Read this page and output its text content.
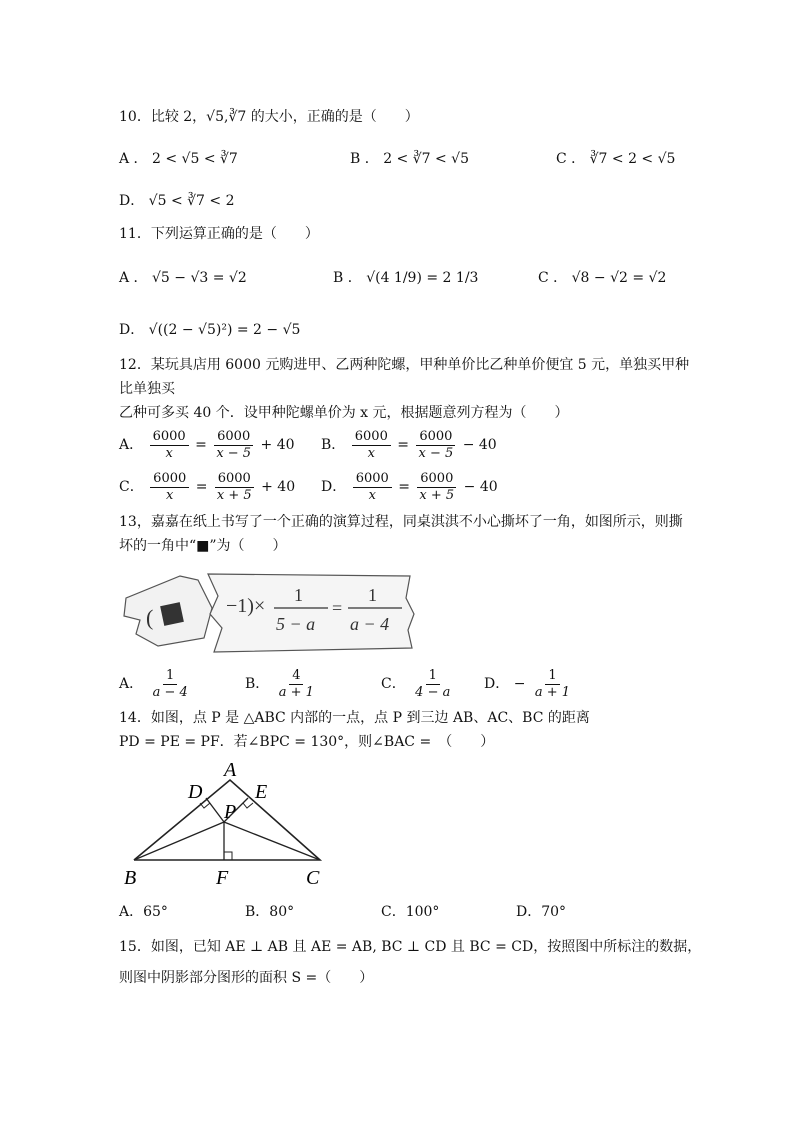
10．比较 2，√5,∛7 的大小，正确的是（　　）
A ． 2 < √5 < ∛7	B ． 2 < ∛7 < √5	C ． ∛7 < 2 < √5
D． √5 < ∛7 < 2
11．下列运算正确的是（　　）
A ． √5 − √3 = √2	B ． √(4 1/9) = 2 1/3	C ． √8 − √2 = √2
D． √((2 − √5)²) = 2 − √5
12．某玩具店用 6000 元购进甲、乙两种陀螺，甲种单价比乙种单价便宜 5 元，单独买甲种
比单独买
乙种可多买 40 个．设甲种陀螺单价为 x 元，根据题意列方程为（　　）
A． $\frac{6000}{x} = \frac{6000}{x - 5} + 40$ B． $\frac{6000}{x} = \frac{6000}{x - 5} - 40$
C． $\frac{6000}{x} = \frac{6000}{x + 5} + 40$ D． $\frac{6000}{x} = \frac{6000}{x + 5} - 40$
13，嘉嘉在纸上书写了一个正确的演算过程，同桌淇淇不小心撕坏了一角，如图所示，则撕
坏的一角中“■”为（　　）
(	−1)× 1
5 − a
=
1
a − 4
A． $\frac{1}{a - 4}$	B． $\frac{4}{a + 1}$	C． $\frac{1}{4 - a}$ D． − $\frac{1}{a + 1}$
14．如图，点 P 是 △ABC 内部的一点，点 P 到三边 AB、AC、BC 的距离
PD = PE = PF．若∠BPC = 130°，则∠BAC =　（　　）
A
D	E
P
B	F	C
A．65°	B．80°	C．100°	D．70°
15．如图，已知 AE ⊥ AB 且 AE = AB, BC ⊥ CD 且 BC = CD，按照图中所标注的数据，
则图中阴影部分图形的面积 S =（　　）
